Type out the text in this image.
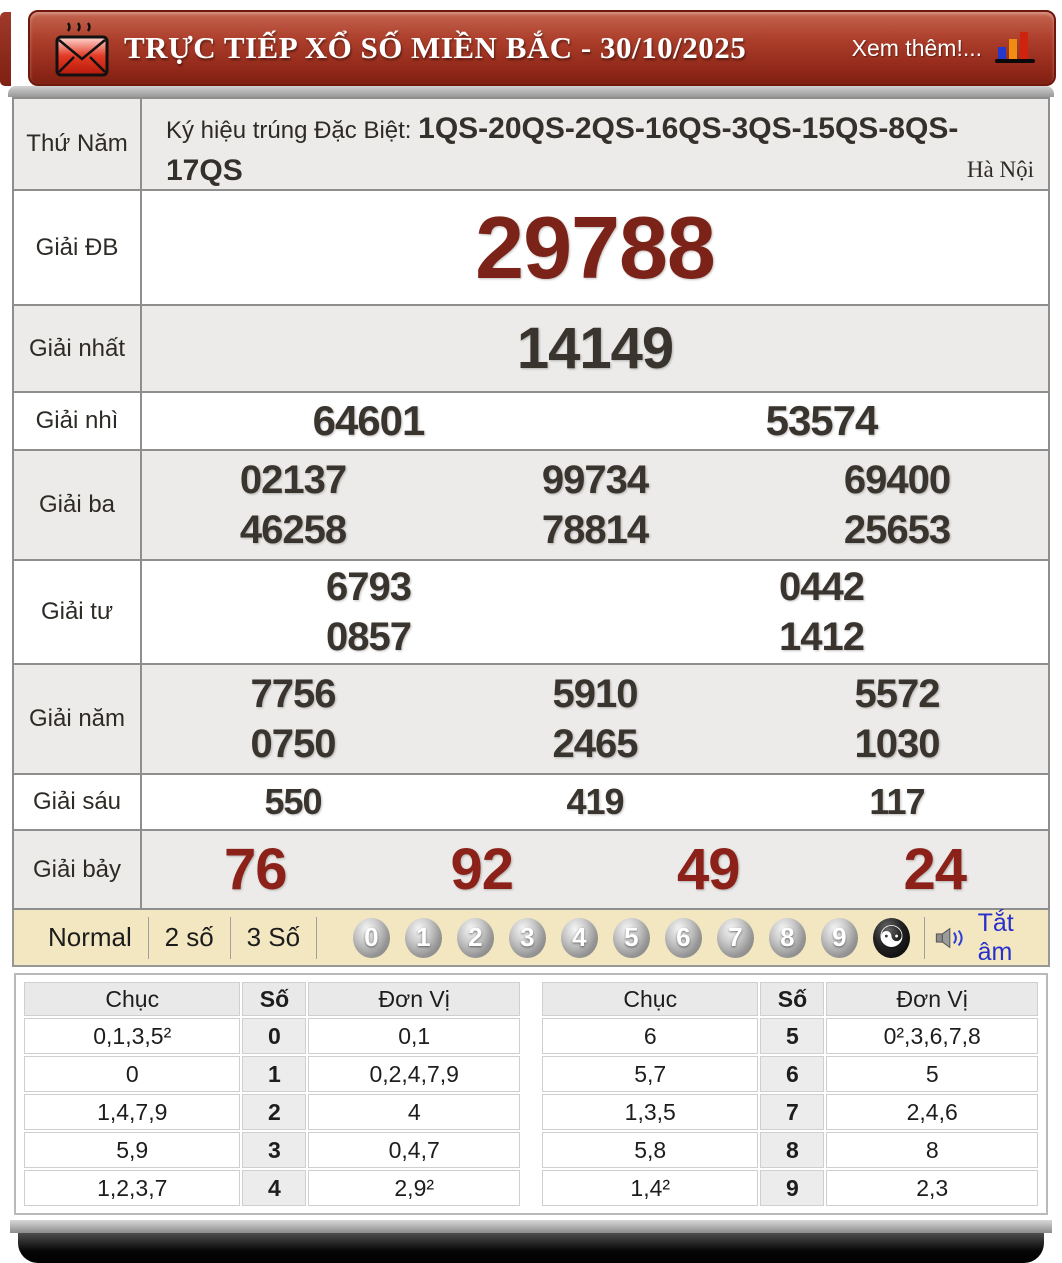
TRỰC TIẾP XỔ SỐ MIỀN BẮC - 30/10/2025	Xem thêm!...
Thứ Năm	Ký hiệu trúng Đặc Biệt: 1QS-20QS-2QS-16QS-3QS-15QS-8QS-17QS	Hà Nội
Giải ĐB	29788
Giải nhất	14149
Giải nhì	64601	53574
Giải ba
02137	99734	69400
46258	78814	25653
Giải tư
6793	0442
0857	1412
Giải năm
7756	5910	5572
0750	2465	1030
Giải sáu	550	419	117
Giải bảy	76	92	49	24
Normal	2 số	3 Số	0 1 2 3 4 5 6 7 8 9 ☯	Tắt âm
Chục	Số	Đơn Vị
0,1,3,5²	0	0,1
0	1	0,2,4,7,9
1,4,7,9	2	4
5,9	3	0,4,7
1,2,3,7	4	2,9²
Chục	Số	Đơn Vị
6	5	0²,3,6,7,8
5,7	6	5
1,3,5	7	2,4,6
5,8	8	8
1,4²	9	2,3
